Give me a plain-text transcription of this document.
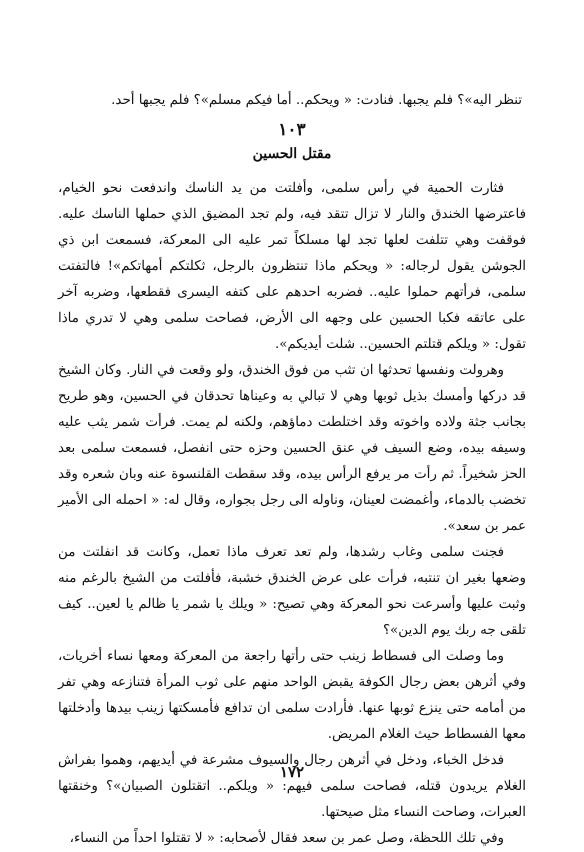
تنظر اليه»؟ فلم يجبها. فنادت: « ويحكم.. أما فيكم مسلم»؟ فلم يجبها أحد.
١٠٣
مقتل الحسين

فثارت الحمية في رأس سلمى، وأفلتت من يد الناسك واندفعت نحو الخيام، فاعترضها الخندق والنار لا تزال تتقد فيه، ولم تجد المضيق الذي حملها الناسك عليه. فوقفت وهي تتلفت لعلها تجد لها مسلكاً تمر عليه الى المعركة، فسمعت ابن ذي الجوشن يقول لرجاله: « ويحكم ماذا تنتظرون بالرجل، ثكلتكم أمهاتكم»! فالتفتت سلمى، فرأتهم حملوا عليه.. فضربه احدهم على كتفه اليسرى فقطعها، وضربه آخر على عاتقه فكبا الحسين على وجهه الى الأرض، فصاحت سلمى وهي لا تدري ماذا تقول: « ويلكم قتلتم الحسين.. شلت أيديكم».

وهرولت ونفسها تحدثها ان تثب من فوق الخندق، ولو وقعت في النار. وكان الشيخ قد دركها وأمسك بذيل ثوبها وهي لا تبالي به وعيناها تحدقان في الحسين، وهو طريح بجانب جثة ولاده واخوته وقد اختلطت دماؤهم، ولكنه لم يمت. فرأت شمر يثب عليه وسيفه بيده، وضع السيف في عنق الحسين وحزه حتى انفصل، فسمعت سلمى بعد الحز شخيراً. ثم رأت مر يرفع الرأس بيده، وقد سقطت القلنسوة عنه وبان شعره وقد تخضب بالدماء، وأغمضت لعينان، وناوله الى رجل بجواره، وقال له: « احمله الى الأمير عمر بن سعد».

فجنت سلمى وغاب رشدها، ولم تعد تعرف ماذا تعمل، وكانت قد انفلتت من وضعها بغير ان تنتبه، فرأت على عرض الخندق خشبة، فأفلتت من الشيخ بالرغم منه وثبت عليها وأسرعت نحو المعركة وهي تصيح: « ويلك يا شمر يا ظالم يا لعين.. كيف تلقى جه ربك يوم الدين»؟

وما وصلت الى فسطاط زينب حتى رأتها راجعة من المعركة ومعها نساء أخريات، وفي أثرهن بعض رجال الكوفة يقبض الواحد منهم على ثوب المرأة فتنازعه وهي تفر من أمامه حتى ينزع ثوبها عنها. فأرادت سلمى ان تدافع فأمسكتها زينب بيدها وأدخلتها معها الفسطاط حيث الغلام المريض.

فدخل الخباء، ودخل في أثرهن رجال والسيوف مشرعة في أيديهم، وهموا بفراش الغلام يريدون قتله، فصاحت سلمى فيهم: « ويلكم.. اتقتلون الصبيان»؟ وخنقتها العبرات، وصاحت النساء مثل صيحتها.

وفي تلك اللحظة، وصل عمر بن سعد فقال لأصحابه: « لا تقتلوا احداً من النساء،

١٧٢
